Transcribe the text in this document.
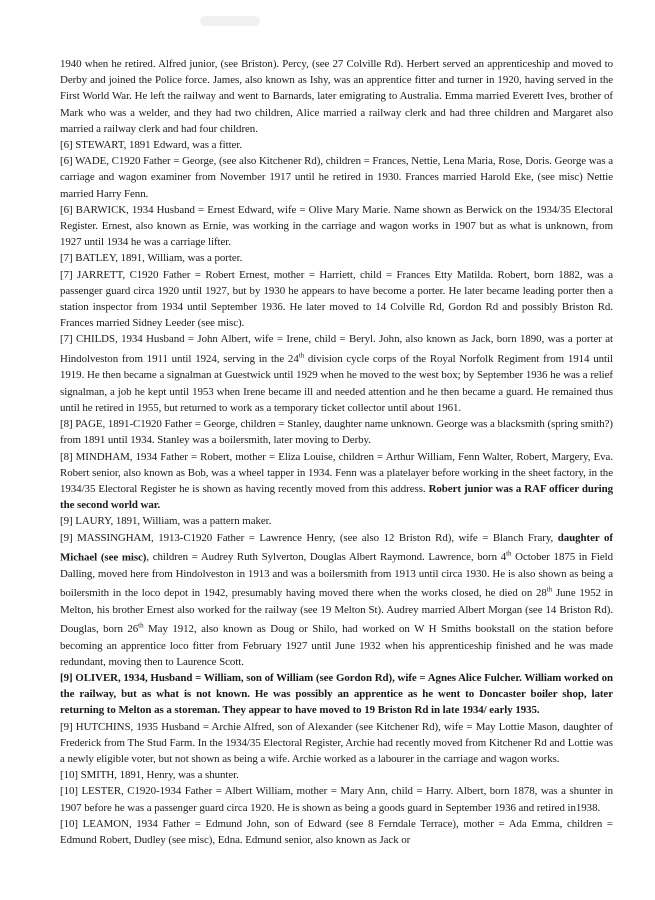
1940 when he retired. Alfred junior, (see Briston). Percy, (see 27 Colville Rd). Herbert served an apprenticeship and moved to Derby and joined the Police force. James, also known as Ishy, was an apprentice fitter and turner in 1920, having served in the First World War. He left the railway and went to Barnards, later emigrating to Australia. Emma married Everett Ives, brother of Mark who was a welder, and they had two children, Alice married a railway clerk and had three children and Margaret also married a railway clerk and had four children.

[6] STEWART, 1891 Edward, was a fitter.

[6] WADE, C1920 Father = George, (see also Kitchener Rd), children = Frances, Nettie, Lena Maria, Rose, Doris. George was a carriage and wagon examiner from November 1917 until he retired in 1930. Frances married Harold Eke, (see misc) Nettie married Harry Fenn.

[6] BARWICK, 1934 Husband = Ernest Edward, wife = Olive Mary Marie. Name shown as Berwick on the 1934/35 Electoral Register. Ernest, also known as Ernie, was working in the carriage and wagon works in 1907 but as what is unknown, from 1927 until 1934 he was a carriage lifter.

[7] BATLEY, 1891, William, was a porter.

[7] JARRETT, C1920 Father = Robert Ernest, mother = Harriett, child = Frances Etty Matilda. Robert, born 1882, was a passenger guard circa 1920 until 1927, but by 1930 he appears to have become a porter. He later became leading porter then a station inspector from 1934 until September 1936. He later moved to 14 Colville Rd, Gordon Rd and possibly Briston Rd. Frances married Sidney Leeder (see misc).

[7] CHILDS, 1934 Husband = John Albert, wife = Irene, child = Beryl. John, also known as Jack, born 1890, was a porter at Hindolveston from 1911 until 1924, serving in the 24th division cycle corps of the Royal Norfolk Regiment from 1914 until 1919. He then became a signalman at Guestwick until 1929 when he moved to the west box; by September 1936 he was a relief signalman, a job he kept until 1953 when Irene became ill and needed attention and he then became a guard. He remained thus until he retired in 1955, but returned to work as a temporary ticket collector until about 1961.

[8] PAGE, 1891-C1920 Father = George, children = Stanley, daughter name unknown. George was a blacksmith (spring smith?) from 1891 until 1934. Stanley was a boilersmith, later moving to Derby.

[8] MINDHAM, 1934 Father = Robert, mother = Eliza Louise, children = Arthur William, Fenn Walter, Robert, Margery, Eva. Robert senior, also known as Bob, was a wheel tapper in 1934. Fenn was a platelayer before working in the sheet factory, in the 1934/35 Electoral Register he is shown as having recently moved from this address. Robert junior was a RAF officer during the second world war.

[9] LAURY, 1891, William, was a pattern maker.

[9] MASSINGHAM, 1913-C1920 Father = Lawrence Henry, (see also 12 Briston Rd), wife = Blanch Frary, daughter of Michael (see misc), children = Audrey Ruth Sylverton, Douglas Albert Raymond. Lawrence, born 4th October 1875 in Field Dalling, moved here from Hindolveston in 1913 and was a boilersmith from 1913 until circa 1930. He is also shown as being a boilersmith in the loco depot in 1942, presumably having moved there when the works closed, he died on 28th June 1952 in Melton, his brother Ernest also worked for the railway (see 19 Melton St). Audrey married Albert Morgan (see 14 Briston Rd). Douglas, born 26th May 1912, also known as Doug or Shilo, had worked on W H Smiths bookstall on the station before becoming an apprentice loco fitter from February 1927 until June 1932 when his apprenticeship finished and he was made redundant, moving then to Laurence Scott.

[9] OLIVER, 1934, Husband = William, son of William (see Gordon Rd), wife = Agnes Alice Fulcher. William worked on the railway, but as what is not known. He was possibly an apprentice as he went to Doncaster boiler shop, later returning to Melton as a storeman. They appear to have moved to 19 Briston Rd in late 1934/ early 1935.

[9] HUTCHINS, 1935 Husband = Archie Alfred, son of Alexander (see Kitchener Rd), wife = May Lottie Mason, daughter of Frederick from The Stud Farm. In the 1934/35 Electoral Register, Archie had recently moved from Kitchener Rd and Lottie was a newly eligible voter, but not shown as being a wife. Archie worked as a labourer in the carriage and wagon works.

[10] SMITH, 1891, Henry, was a shunter.

[10] LESTER, C1920-1934 Father = Albert William, mother = Mary Ann, child = Harry. Albert, born 1878, was a shunter in 1907 before he was a passenger guard circa 1920. He is shown as being a goods guard in September 1936 and retired in1938.

[10] LEAMON, 1934 Father = Edmund John, son of Edward (see 8 Ferndale Terrace), mother = Ada Emma, children = Edmund Robert, Dudley (see misc), Edna. Edmund senior, also known as Jack or
